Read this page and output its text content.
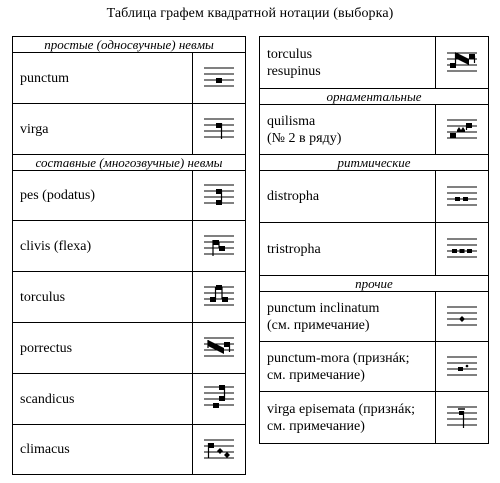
Таблица графем квадратной нотации (выборка)
простые (односвучные) невмы	
punctum	

virga	

составные (многозвучные) невмы	
pes (podatus)	

clivis (flexa)	

torculus	

porrectus	

scandicus	

climacus	
torculus
resupinus

орнаментальные	

quilisma
(№ 2 в ряду)

ритмические	

distropha

tristropha

прочие	

punctum inclinatum
(см. примечание)

punctum-mora (признáк;
см. примечание)

virga episemata (признáк;
см. примечание)
